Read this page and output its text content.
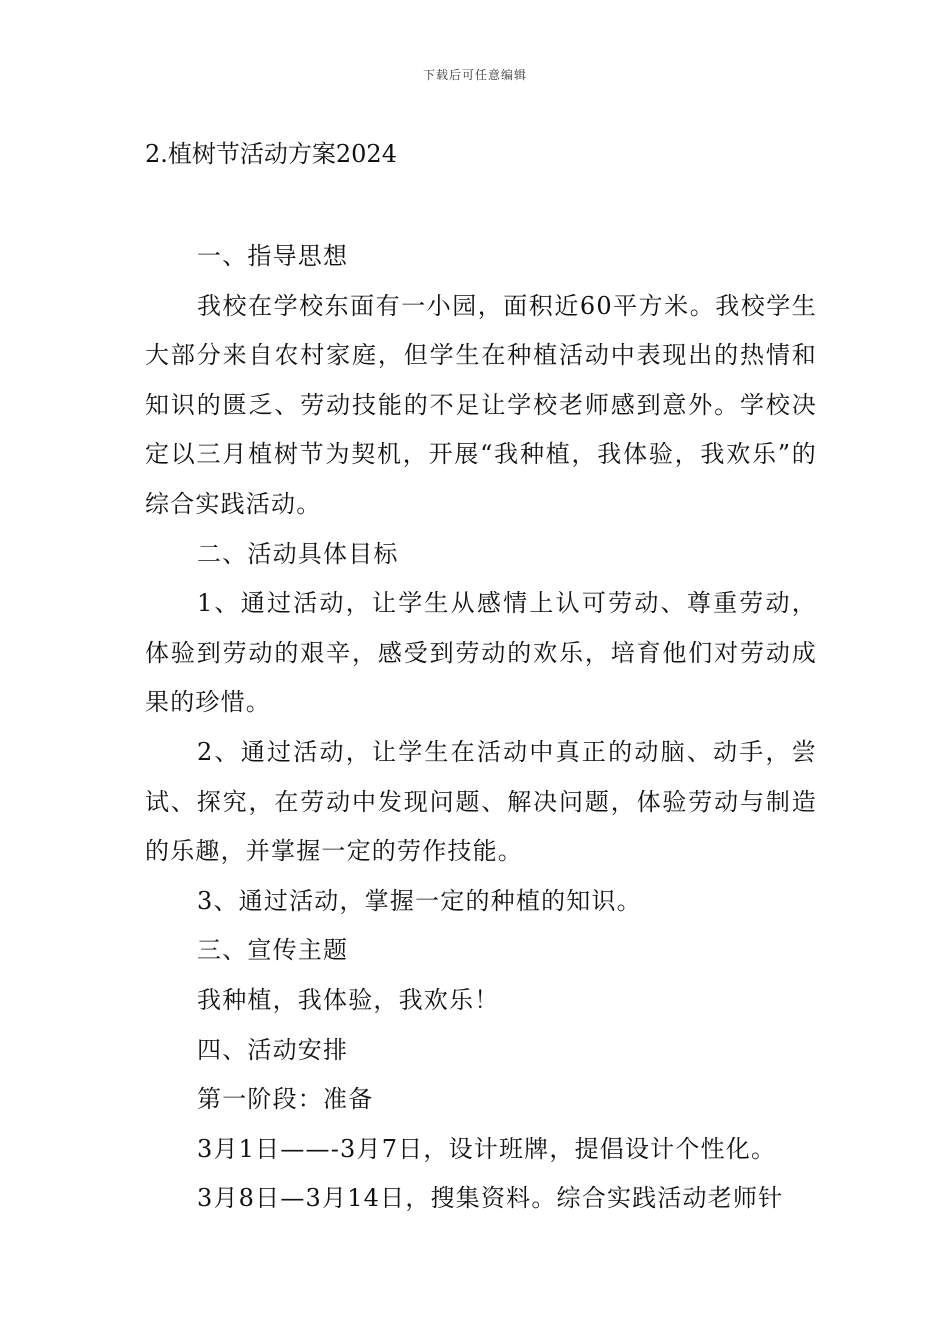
下载后可任意编辑
2.植树节活动方案2024

一、指导思想

我校在学校东面有一小园，面积近60平方米。我校学生大部分来自农村家庭，但学生在种植活动中表现出的热情和知识的匮乏、劳动技能的不足让学校老师感到意外。学校决定以三月植树节为契机，开展“我种植，我体验，我欢乐”的综合实践活动。

二、活动具体目标

1、通过活动，让学生从感情上认可劳动、尊重劳动，体验到劳动的艰辛，感受到劳动的欢乐，培育他们对劳动成果的珍惜。

2、通过活动，让学生在活动中真正的动脑、动手，尝试、探究，在劳动中发现问题、解决问题，体验劳动与制造的乐趣，并掌握一定的劳作技能。

3、通过活动，掌握一定的种植的知识。

三、宣传主题

我种植，我体验，我欢乐！

四、活动安排

第一阶段：准备

3月1日——-3月7日，设计班牌，提倡设计个性化。

3月8日—3月14日，搜集资料。综合实践活动老师针
